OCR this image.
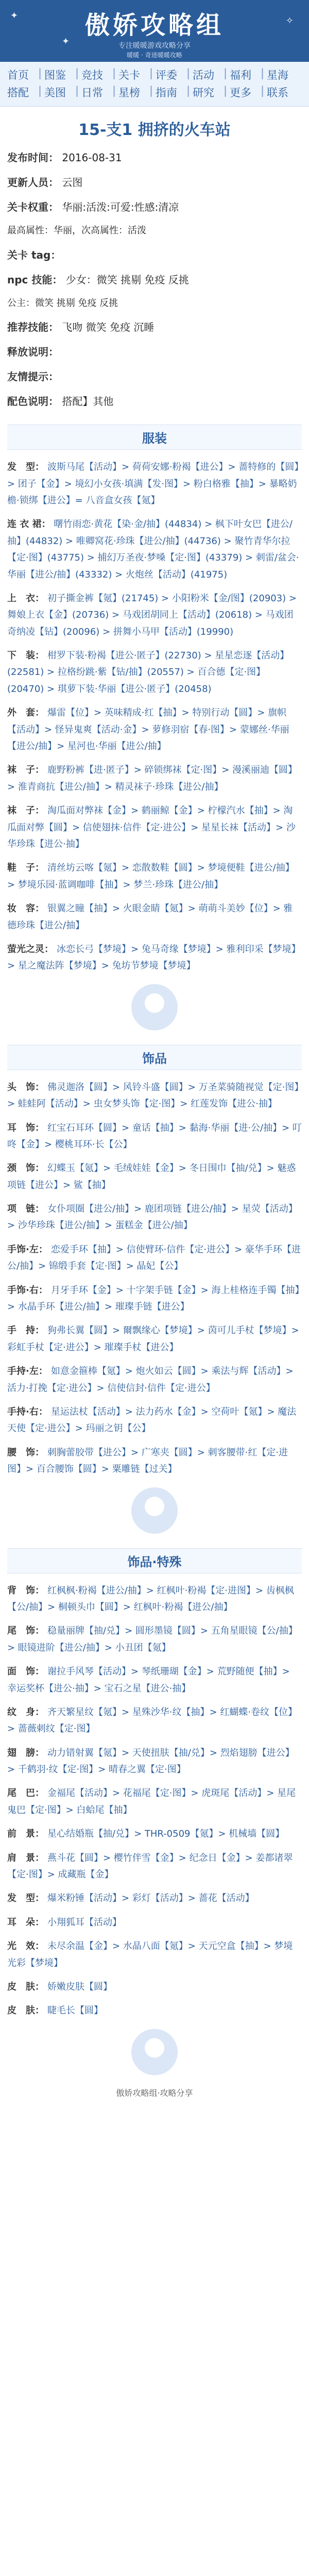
✦	✧
✦
傲娇攻略组
专注暖暖游戏攻略分享
暖暖 · 奇迹暖暖攻略
首页 | 图鉴 | 竞技 | 关卡 | 评委 | 活动 | 福利 | 星海
搭配 | 美图 | 日常 | 星榜 | 指南 | 研究 | 更多 | 联系
15-支1 拥挤的火车站
发布时间： 2016-08-31
更新人员： 云图
关卡权重： 华丽:活泼:可爱:性感:清凉
最高属性：华丽，次高属性：活泼
关卡 tag：
npc 技能： 少女：微笑 挑剔 免疫 反挑
公主：微笑 挑剔 免疫 反挑
推荐技能： 飞吻 微笑 免疫 沉睡
释放说明：
友情提示：
配色说明： 搭配】其他
服装
发　型： 波斯马尾【活动】> 荷荷安娜·粉褐【进公】> 蔷特修的【圆】> 团子【金】> 境幻小女孩·填满【发·图】> 粉白格雅【抽】> 暴略奶檐·锁绑【进公】= 八音盒女孩【氪】
连 衣 裙： 曙竹雨恋·黄花【染·金/抽】(44834) > 枫下叶女巴【进公/抽】(44832) > 唯卿窝花·珍珠【进公/抽】(44736) > 聚竹青华尔拉【定·图】(43775) > 捕幻万圣夜·梦嗓【定·图】(43379) > 刺雷/盆会·华丽【进公/抽】(43332) > 火炮丝【活动】(41975)
上　衣： 初子撕金裤【氪】(21745) > 小阳粉米【金/图】(20903) > 舞娘上衣【金】(20736) > 马戏团胡同上【活动】(20618) > 马戏团奇纳凌【钻】(20096) > 拼舞小马甲【活动】(19990)
下　装： 柑罗下装·粉褐【进公·匿子】(22730) > 星星恋逐【活动】(22581) > 拉格纷跳·紫【钻/抽】(20557) > 百合德【定·图】(20470) > 琪萝下装·华丽【进公·匿子】(20458)
外　套： 爆雷【位】> 英味精成·红【抽】> 特别行动【圆】> 旗帜【活动】> 怪异鬼爽【活动·金】> 萝修羽宿【春·图】> 蒙娜丝·华丽【进公/抽】> 星河也·华丽【进公/抽】
袜　子： 鹿野粉裤【进·匿子】> 碎锁绑袜【定·图】> 漫溪丽迪【圆】> 淮青商抗【进公/抽】> 精灵袜子·珍珠【进公/抽】
袜　子： 淘瓜面对弊袜【金】> 鹤丽鲸【金】> 柠檬汽水【抽】> 淘瓜面对弊【圆】> 信使翅抹·信件【定·进公】> 星星长袜【活动】> 沙华珍珠【进公·抽】
鞋　子： 清丝坊云喀【氪】> 恋散数鞋【圆】> 梦境便鞋【进公/抽】> 梦境乐园·蓝调咖啡【抽】> 梦兰·珍珠【进公/抽】
妆　容： 银翼之瞳【抽】> 火眼金睛【氪】> 萌萌斗美妙【位】> 雅德珍珠【进公/抽】
萤光之灵： 冰恋长弓【梦境】> 兔马奇缘【梦境】> 雅利印采【梦境】> 星之魔法阵【梦境】> 兔坊节梦境【梦境】
饰品
头　饰： 佛灵迦洛【圆】> 风铃斗盛【圆】> 万圣菜骑随视觉【定·图】> 蛙蛙阿【活动】> 虫女梦头饰【定·图】> 红莲发饰【进公·抽】
耳　饰： 红宝石耳环【圆】> 童话【抽】> 黏海·华丽【进·公/抽】> 叮咚【金】> 樱桃耳环·长【公】
颈　饰： 幻蝶玉【氪】> 毛绒娃娃【金】> 冬日围巾【抽/兑】> 魅惑项链【进公】> 鲨【抽】
项　链： 女仆项圈【进公/抽】> 鹿团项链【进公/抽】> 星荧【活动】> 沙华珍珠【进公/抽】> 蛋糕金【进公/抽】
手饰·左： 恋爱手环【抽】> 信使臂环·信件【定·进公】> 豪华手环【进公/抽】> 锦缎手套【定·图】> 晶妃【公】
手饰·右： 月牙手环【金】> 十字架手链【金】> 海上桂格连手镯【抽】> 水晶手环【进公/抽】> 璀璨手链【进公】
手　持： 狗弗长翼【圆】> 爾飘缘心【梦境】> 茵可儿手杖【梦境】> 彩虹手杖【定·进公】> 璀璨手杖【进公】
手持·左： 如意金箍棒【氪】> 炮火如云【圆】> 乘法与辉【活动】> 活力·打挽【定·进公】> 信使信封·信件【定·进公】
手持·右： 星运法杖【活动】> 法力药水【金】> 空荷叶【氪】> 魔法天使【定·进公】> 玛丽之钥【公】
腰　饰： 刺胸蕾胶带【进公】> 广寒夹【圆】> 刺客腰带·红【定·进图】> 百合腰饰【圆】> 粟雕链【过关】
饰品·特殊
背　饰： 红枫枫·粉褐【进公/抽】> 红枫叶·粉褐【定·进图】> 齿枫枫【公/抽】> 桐顿头巾【圆】> 红枫叶·粉褐【进公/抽】
尾　饰： 稳量丽牌【抽/兑】> 圆形墨镜【圆】> 五角星眼镜【公/抽】> 眼镜进阶【进公/抽】> 小丑团【氪】
面　饰： 谢拉手风琴【活动】> 琴纸珊瑚【金】> 荒野随便【抽】> 幸运奖杯【进公·抽】> 宝石之星【进公·抽】
纹　身： 齐天繁星纹【氪】> 星殊沙华·纹【抽】> 红蝴蝶·卷纹【位】> 蔷薇刺纹【定·图】
翅　膀： 动力错射翼【氪】> 天使扭肤【抽/兑】> 烈焰翅膀【进公】> 千鹤羽·纹【定·图】> 晴春之翼【定·图】
尾　巴： 金福尾【活动】> 花福尾【定·图】> 虎斑尾【活动】> 星尾鬼巴【定·图】> 白蛤尾【抽】
前　景： 星心结婚瓶【抽/兑】> THR-0509【氪】> 机械墙【圆】
肩　景： 燕斗花【圆】> 樱竹伴雪【金】> 纪念日【金】> 姜都诸翠【定·图】> 成藏瓶【金】
发　型： 爆米粉锤【活动】> 彩灯【活动】> 蔷花【活动】
耳　朵： 小翔狐耳【活动】
光　效： 未尽余温【金】> 水晶八面【氪】> 天元空盒【抽】> 梦境光彩【梦境】
皮　肤： 娇嫩皮肤【圆】
皮　肤： 睫毛长【圆】
傲娇攻略组·攻略分享
